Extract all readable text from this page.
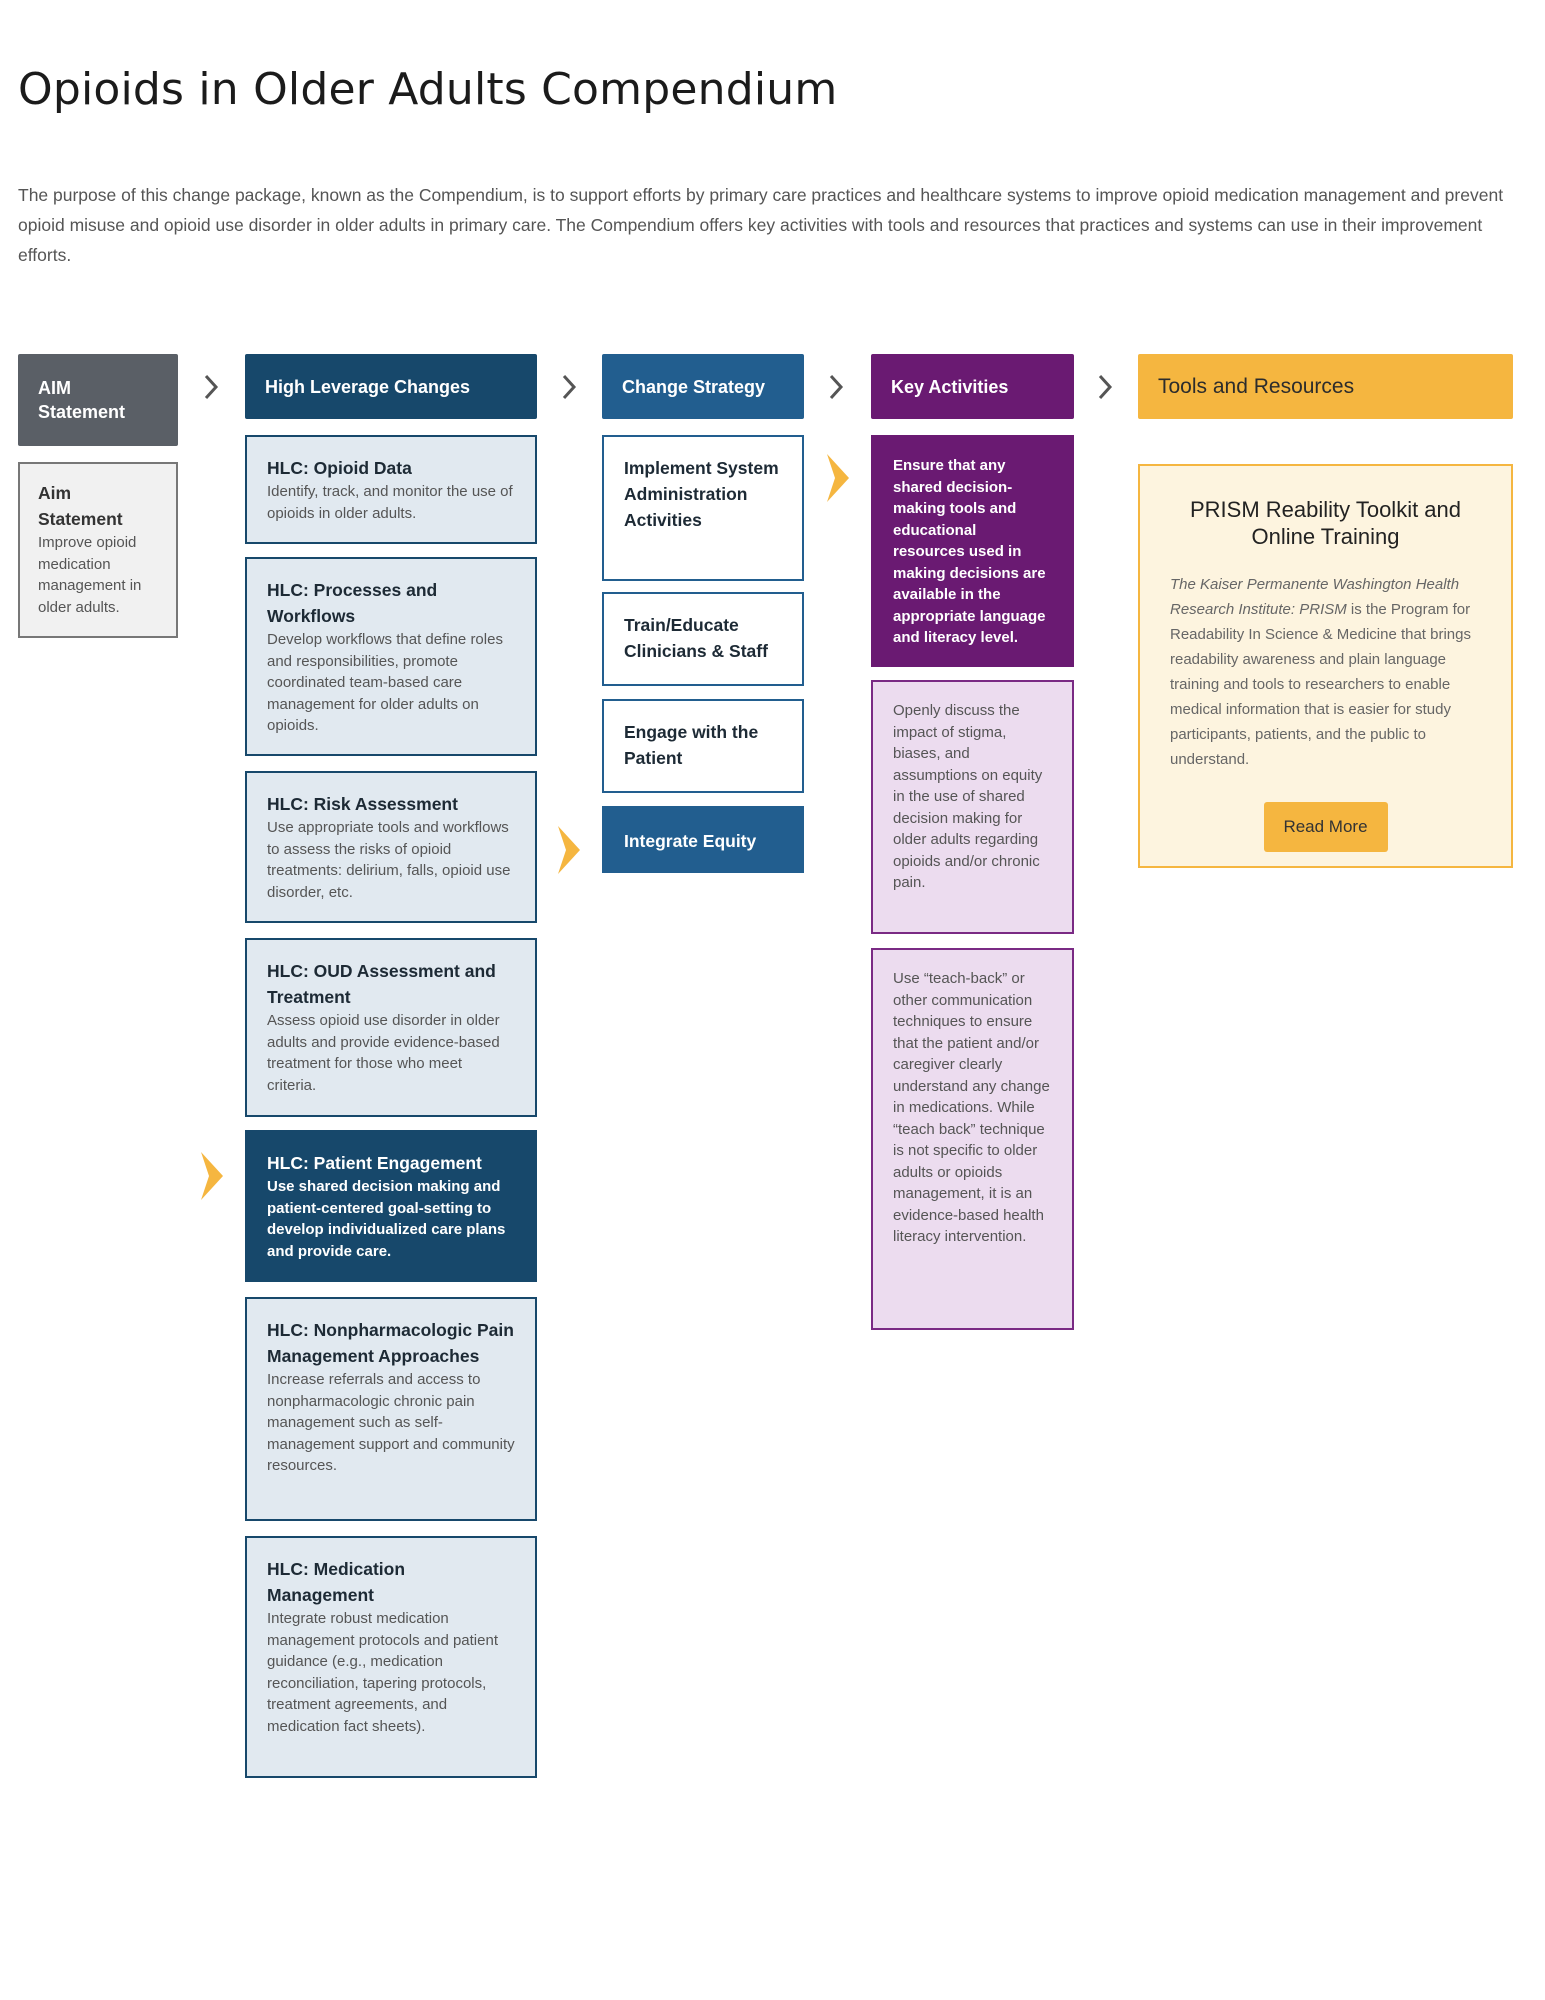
Opioids in Older Adults Compendium

The purpose of this change package, known as the Compendium, is to support efforts by primary care practices and healthcare systems to improve opioid medication management and prevent opioid misuse and opioid use disorder in older adults in primary care. The Compendium offers key activities with tools and resources that practices and systems can use in their improvement efforts.

AIM Statement
High Leverage Changes	Change Strategy	Key Activities	Tools and Resources
Aim Statement
Improve opioid medication management in older adults.
HLC: Opioid Data
Identify, track, and monitor the use of opioids in older adults.
HLC: Processes and Workflows
Develop workflows that define roles and responsibilities, promote coordinated team-based care management for older adults on opioids.
HLC: Risk Assessment
Use appropriate tools and workflows to assess the risks of opioid treatments: delirium, falls, opioid use disorder, etc.
HLC: OUD Assessment and Treatment
Assess opioid use disorder in older adults and provide evidence-based treatment for those who meet criteria.
HLC: Patient Engagement
Use shared decision making and patient-centered goal-setting to develop individualized care plans and provide care.
HLC: Nonpharmacologic Pain Management Approaches
Increase referrals and access to nonpharmacologic chronic pain management such as self-management support and community resources.
HLC: Medication Management
Integrate robust medication management protocols and patient guidance (e.g., medication reconciliation, tapering protocols, treatment agreements, and medication fact sheets).
Implement System Administration Activities
Train/Educate Clinicians & Staff
Engage with the Patient
Integrate Equity
Ensure that any shared decision-making tools and educational resources used in making decisions are available in the appropriate language and literacy level.
Openly discuss the impact of stigma, biases, and assumptions on equity in the use of shared decision making for older adults regarding opioids and/or chronic pain.
Use “teach-back” or other communication techniques to ensure that the patient and/or caregiver clearly understand any change in medications. While “teach back” technique is not specific to older adults or opioids management, it is an evidence-based health literacy intervention.
PRISM Reability Toolkit and Online Training
The Kaiser Permanente Washington Health Research Institute: PRISM is the Program for Readability In Science & Medicine that brings readability awareness and plain language training and tools to researchers to enable medical information that is easier for study participants, patients, and the public to understand.
Read More
